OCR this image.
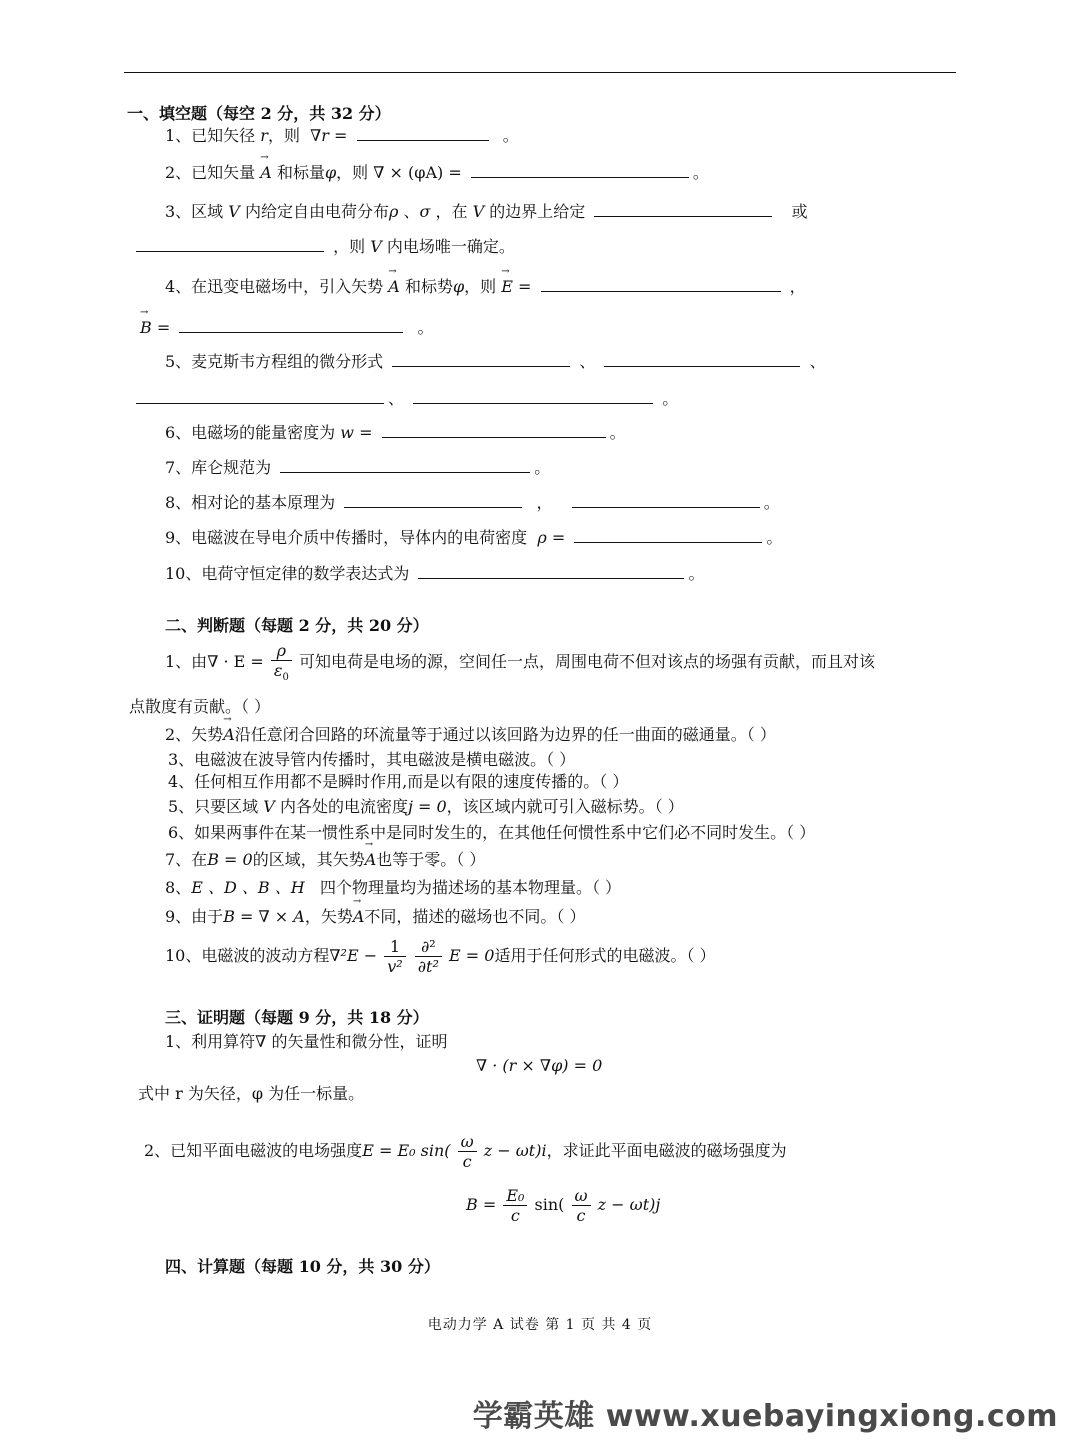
一、填空题（每空 2 分，共 32 分）
1、已知矢径 r，则 ∇r =	。
2、已知矢量 → A 和标量φ，则 ∇ × (φA) =	。
3、区域 V 内给定自由电荷分布ρ 、σ ，在 V 的边界上给定	或
，则 V 内电场唯一确定。
4、在迅变电磁场中，引入矢势 → A 和标势φ，则 → E =	，
→ B =	。
5、麦克斯韦方程组的微分形式	、	、
、	。
6、电磁场的能量密度为 w =	。
7、库仑规范为	。
8、相对论的基本原理为	，	。
9、电磁波在导电介质中传播时，导体内的电荷密度 ρ =	。
10、电荷守恒定律的数学表达式为	。
二、判断题（每题 2 分，共 20 分）
1、由∇ · $E = \frac{\rho}{\varepsilon_0}$ 可知电荷是电场的源，空间任一点，周围电荷不但对该点的场强有贡献，而且对该
点散度有贡献。（ ）
2、矢势→ A沿任意闭合回路的环流量等于通过以该回路为边界的任一曲面的磁通量。（ ）
3、电磁波在波导管内传播时，其电磁波是横电磁波。（ ）
4、任何相互作用都不是瞬时作用,而是以有限的速度传播的。（ ）
5、只要区域 V 内各处的电流密度j = 0，该区域内就可引入磁标势。（ ）
6、如果两事件在某一惯性系中是同时发生的，在其他任何惯性系中它们必不同时发生。（ ）
7、在B = 0的区域，其矢势→ A也等于零。（ ）
8、E 、D 、B 、H 四个物理量均为描述场的基本物理量。（ ）
9、由于B = ∇ × A，矢势→ A不同，描述的磁场也不同。（ ）
10、电磁波的波动方程$\nabla^2E - \frac{1}{\text{v²}}$
$\frac{\text{∂²}}{\text{∂t²}}$ E = 0适用于任何形式的电磁波。（ ）
三、证明题（每题 9 分，共 18 分）
1、利用算符∇ 的矢量性和微分性，证明
∇ · (r × ∇φ) = 0
式中 r 为矢径，φ 为任一标量。
2、已知平面电磁波的电场强度E = E₀ $\sin( \frac{\omega}{c}$ z − ωt)i，求证此平面电磁波的磁场强度为
$B = \frac{\text{E₀}}{c} \sin( \frac{\omega}{c}$ z − ωt)j
四、计算题（每题 10 分，共 30 分）
电动力学 A 试卷 第 1 页 共 4 页
学霸英雄 www.xuebayingxiong.com
